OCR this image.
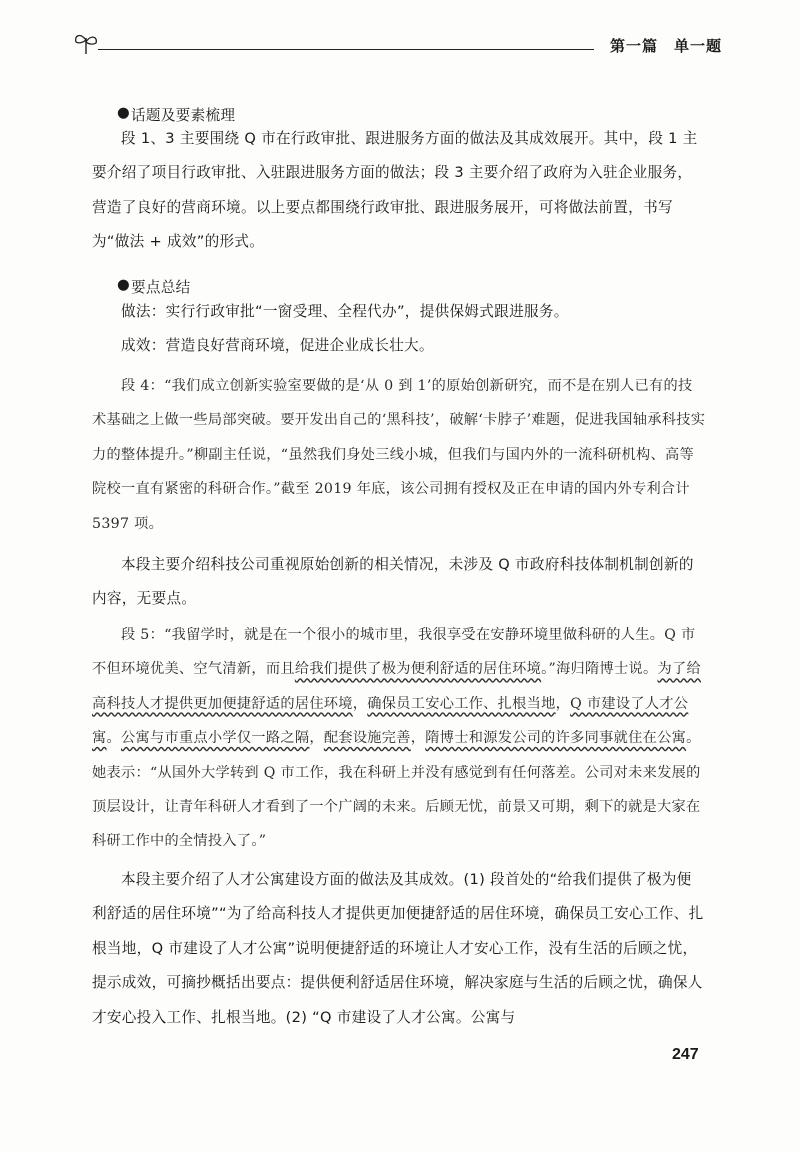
第一篇　单一题
● 话题及要素梳理

段 1、3 主要围绕 Q 市在行政审批、跟进服务方面的做法及其成效展开。其中，段 1 主要介绍了项目行政审批、入驻跟进服务方面的做法；段 3 主要介绍了政府为入驻企业服务，营造了良好的营商环境。以上要点都围绕行政审批、跟进服务展开，可将做法前置，书写为“做法 + 成效”的形式。

● 要点总结

做法：实行行政审批“一窗受理、全程代办”，提供保姆式跟进服务。

成效：营造良好营商环境，促进企业成长壮大。

段 4：“我们成立创新实验室要做的是‘从 0 到 1’的原始创新研究，而不是在别人已有的技术基础之上做一些局部突破。要开发出自己的‘黑科技’，破解‘卡脖子’难题，促进我国轴承科技实力的整体提升。”柳副主任说，“虽然我们身处三线小城，但我们与国内外的一流科研机构、高等院校一直有紧密的科研合作。”截至 2019 年底，该公司拥有授权及正在申请的国内外专利合计 5397 项。

本段主要介绍科技公司重视原始创新的相关情况，未涉及 Q 市政府科技体制机制创新的内容，无要点。

段 5：“我留学时，就是在一个很小的城市里，我很享受在安静环境里做科研的人生。Q 市不但环境优美、空气清新，而且给我们提供了极为便利舒适的居住环境。”海归隋博士说。为了给高科技人才提供更加便捷舒适的居住环境，确保员工安心工作、扎根当地，Q 市建设了人才公寓。公寓与市重点小学仅一路之隔，配套设施完善，隋博士和源发公司的许多同事就住在公寓。她表示：“从国外大学转到 Q 市工作，我在科研上并没有感觉到有任何落差。公司对未来发展的顶层设计，让青年科研人才看到了一个广阔的未来。后顾无忧，前景又可期，剩下的就是大家在科研工作中的全情投入了。”

本段主要介绍了人才公寓建设方面的做法及其成效。(1) 段首处的“给我们提供了极为便利舒适的居住环境”“为了给高科技人才提供更加便捷舒适的居住环境，确保员工安心工作、扎根当地，Q 市建设了人才公寓”说明便捷舒适的环境让人才安心工作，没有生活的后顾之忧，提示成效，可摘抄概括出要点：提供便利舒适居住环境，解决家庭与生活的后顾之忧，确保人才安心投入工作、扎根当地。(2) “Q 市建设了人才公寓。公寓与

247
